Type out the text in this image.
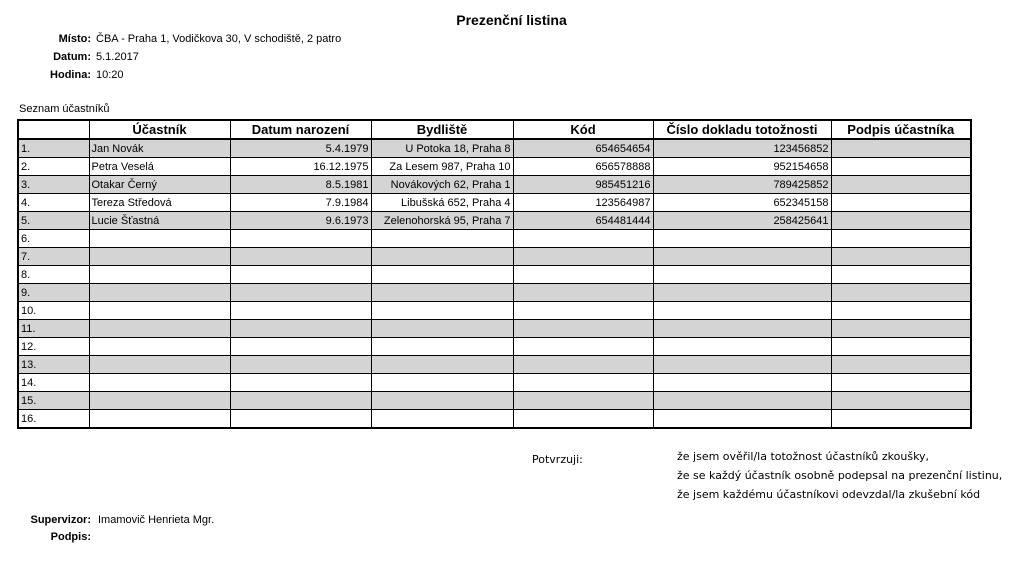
Prezenční listina
Místo: ČBA - Praha 1, Vodičkova 30, V schodiště, 2 patro
Datum: 5.1.2017
Hodina: 10:20
Seznam účastníků
	Účastník	Datum narození	Bydliště	Kód	Číslo dokladu totožnosti	Podpis účastníka
1.	Jan Novák	5.4.1979	U Potoka 18, Praha 8	654654654	123456852	
2.	Petra Veselá	16.12.1975	Za Lesem 987, Praha 10	656578888	952154658	
3.	Otakar Černý	8.5.1981	Novákových 62, Praha 1	985451216	789425852	
4.	Tereza Středová	7.9.1984	Libušská 652, Praha 4	123564987	652345158	
5.	Lucie Šťastná	9.6.1973	Zelenohorská 95, Praha 7	654481444	258425641	
6.						
7.						
8.						
9.						
10.						
11.						
12.						
13.						
14.						
15.						
16.						
Potvrzuji:	že jsem ověřil/la totožnost účastníků zkoušky,
že se každý účastník osobně podepsal na prezenční listinu,
že jsem každému účastníkovi odevzdal/la zkušební kód
Supervizor: Imamovič Henrieta Mgr.
Podpis:
